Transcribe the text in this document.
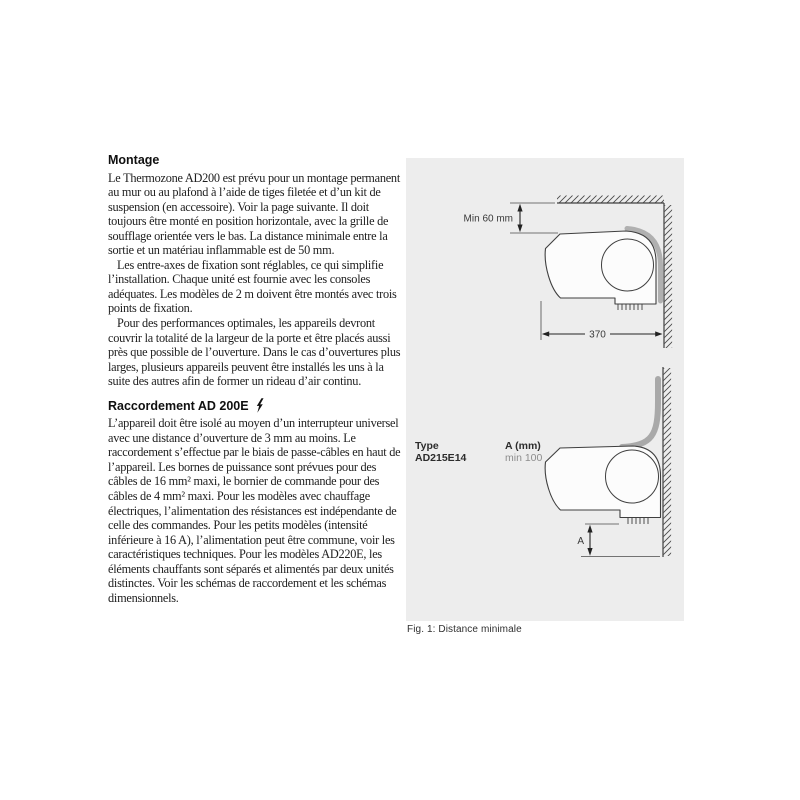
Montage

Le Thermozone AD200 est prévu pour un montage permanent au mur ou au plafond à l’aide de tiges filetée et d’un kit de suspension (en accessoire). Voir la page suivante. Il doit toujours être monté en position horizontale, avec la grille de soufflage orientée vers le bas. La distance minimale entre la sortie et un matériau inflammable est de 50 mm.

Les entre-axes de fixation sont réglables, ce qui simplifie l’installation. Chaque unité est fournie avec les consoles adéquates. Les modèles de 2 m doivent être montés avec trois points de fixation.

Pour des performances optimales, les appareils devront couvrir la totalité de la largeur de la porte et être placés aussi près que possible de l’ouverture. Dans le cas d’ouvertures plus larges, plusieurs appareils peuvent être installés les uns à la suite des autres afin de former un rideau d’air continu.

Raccordement AD 200E

L’appareil doit être isolé au moyen d’un interrupteur universel avec une distance d’ouverture de 3 mm au moins. Le raccordement s’effectue par le biais de passe-câbles en haut de l’appareil. Les bornes de puissance sont prévues pour des câbles de 16 mm² maxi, le bornier de commande pour des câbles de 4 mm² maxi. Pour les modèles avec chauffage électriques, l’alimentation des résistances est indépendante de celle des commandes. Pour les petits modèles (intensité inférieure à 16 A), l’alimentation peut être commune, voir les caractéristiques techniques. Pour les modèles AD220E, les éléments chauffants sont séparés et alimentés par deux unités distinctes. Voir les schémas de raccordement et les schémas dimensionnels.

Min 60 mm
370
A
Type
AD215E14
A (mm)
min 100
Fig. 1: Distance minimale
